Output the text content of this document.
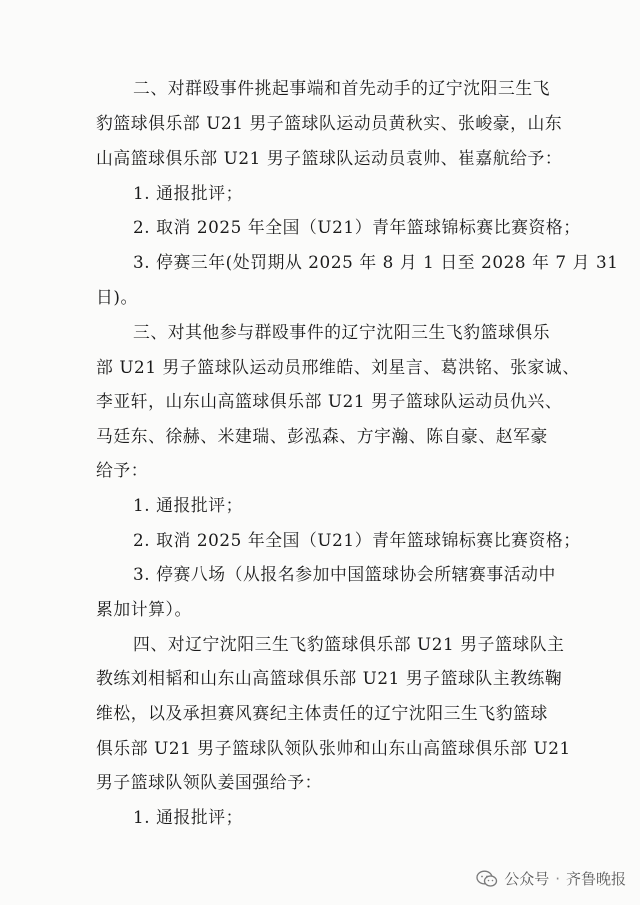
二、对群殴事件挑起事端和首先动手的辽宁沈阳三生飞
豹篮球俱乐部 U21 男子篮球队运动员黄秋实、张峻豪，山东
山高篮球俱乐部 U21 男子篮球队运动员袁帅、崔嘉航给予：
1. 通报批评；
2. 取消 2025 年全国（U21）青年篮球锦标赛比赛资格；
3. 停赛三年(处罚期从 2025 年 8 月 1 日至 2028 年 7 月 31
日)。
三、对其他参与群殴事件的辽宁沈阳三生飞豹篮球俱乐
部 U21 男子篮球队运动员邢维皓、刘星言、葛洪铭、张家诚、
李亚轩，山东山高篮球俱乐部 U21 男子篮球队运动员仇兴、
马廷东、徐赫、米建瑞、彭泓森、方宇瀚、陈自豪、赵军豪
给予：
1. 通报批评；
2. 取消 2025 年全国（U21）青年篮球锦标赛比赛资格；
3. 停赛八场（从报名参加中国篮球协会所辖赛事活动中
累加计算）。
四、对辽宁沈阳三生飞豹篮球俱乐部 U21 男子篮球队主
教练刘相韬和山东山高篮球俱乐部 U21 男子篮球队主教练鞠
维松，以及承担赛风赛纪主体责任的辽宁沈阳三生飞豹篮球
俱乐部 U21 男子篮球队领队张帅和山东山高篮球俱乐部 U21
男子篮球队领队姜国强给予：
1. 通报批评；
公众号 · 齐鲁晚报
